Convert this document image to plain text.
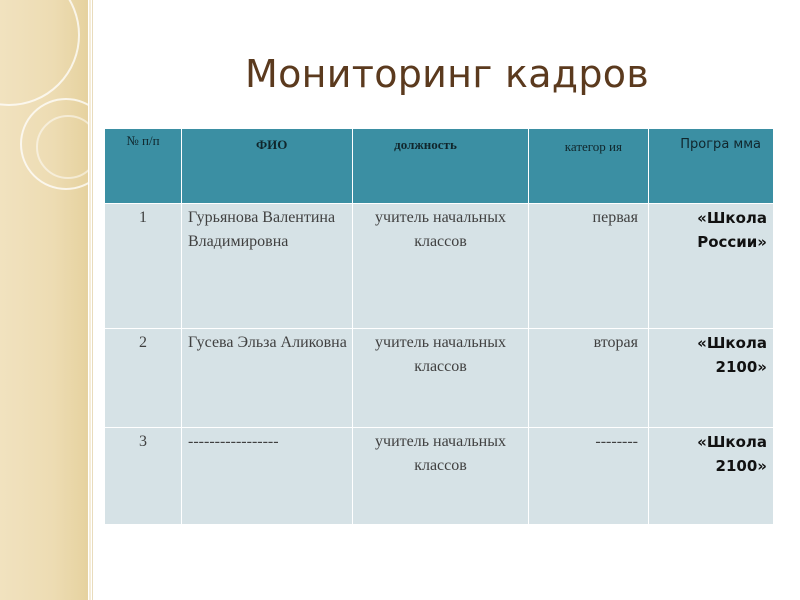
Мониторинг кадров
№ п/п	ФИО	должность	категор ия	Програ мма
1	Гурьянова Валентина Владимировна	учитель начальных классов	первая	«Школа России»

2	Гусева Эльза Аликовна	учитель начальных классов	вторая	«Школа 2100»

3	-----------------	учитель начальных классов	--------	«Школа 2100»
